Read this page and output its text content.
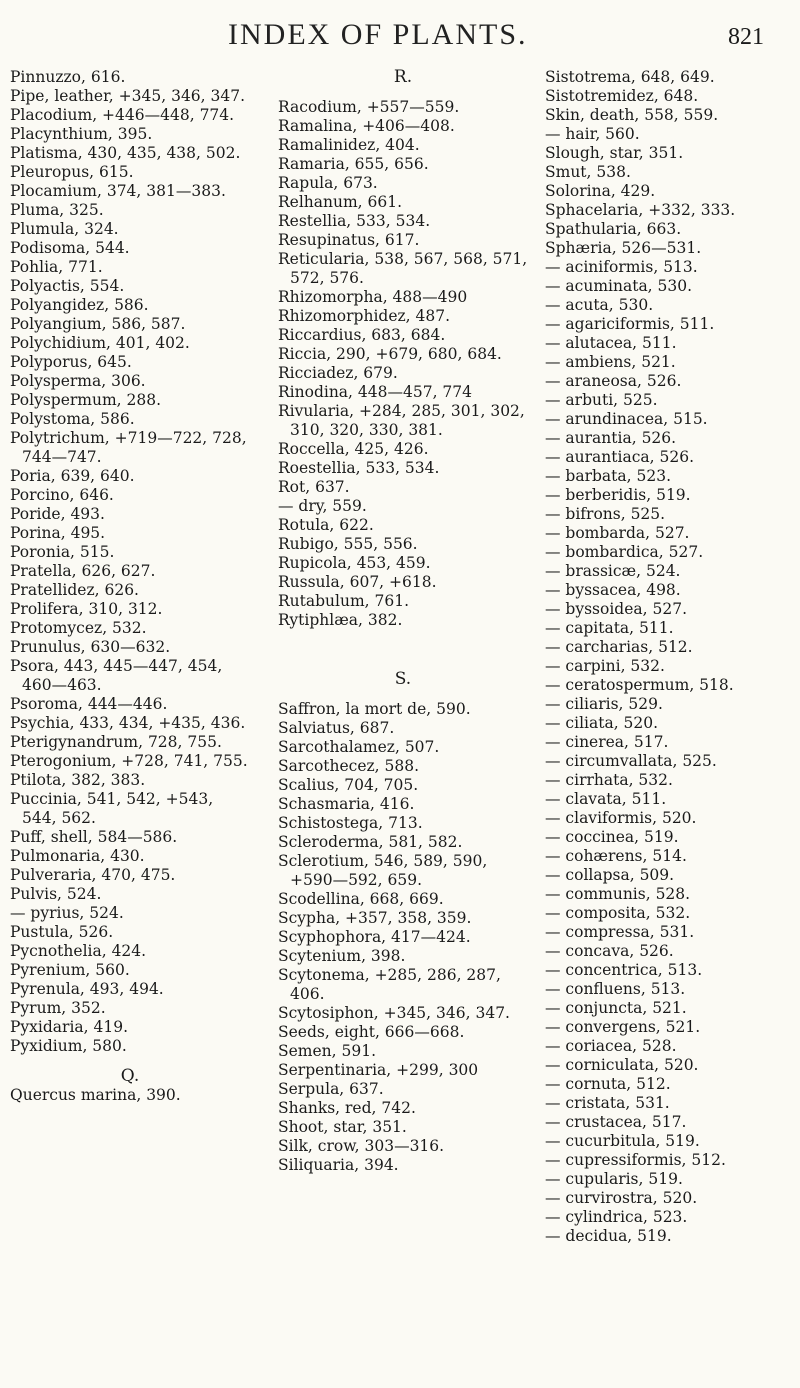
INDEX OF PLANTS.	821

Pinnuzzo, 616.

Pipe, leather, +345, 346, 347.

Placodium, +446—448, 774.

Placynthium, 395.

Platisma, 430, 435, 438, 502.

Pleuropus, 615.

Plocamium, 374, 381—383.

Pluma, 325.

Plumula, 324.

Podisoma, 544.

Pohlia, 771.

Polyactis, 554.

Polyangidez, 586.

Polyangium, 586, 587.

Polychidium, 401, 402.

Polyporus, 645.

Polysperma, 306.

Polyspermum, 288.

Polystoma, 586.

Polytrichum, +719—722, 728, 744—747.

Poria, 639, 640.

Porcino, 646.

Poride, 493.

Porina, 495.

Poronia, 515.

Pratella, 626, 627.

Pratellidez, 626.

Prolifera, 310, 312.

Protomycez, 532.

Prunulus, 630—632.

Psora, 443, 445—447, 454, 460—463.

Psoroma, 444—446.

Psychia, 433, 434, +435, 436.

Pterigynandrum, 728, 755.

Pterogonium, +728, 741, 755.

Ptilota, 382, 383.

Puccinia, 541, 542, +543, 544, 562.

Puff, shell, 584—586.

Pulmonaria, 430.

Pulveraria, 470, 475.

Pulvis, 524.

— pyrius, 524.

Pustula, 526.

Pycnothelia, 424.

Pyrenium, 560.

Pyrenula, 493, 494.

Pyrum, 352.

Pyxidaria, 419.

Pyxidium, 580.

Q.

Quercus marina, 390.

R.

Racodium, +557—559.

Ramalina, +406—408.

Ramalinidez, 404.

Ramaria, 655, 656.

Rapula, 673.

Relhanum, 661.

Restellia, 533, 534.

Resupinatus, 617.

Reticularia, 538, 567, 568, 571, 572, 576.

Rhizomorpha, 488—490

Rhizomorphidez, 487.

Riccardius, 683, 684.

Riccia, 290, +679, 680, 684.

Ricciadez, 679.

Rinodina, 448—457, 774

Rivularia, +284, 285, 301, 302, 310, 320, 330, 381.

Roccella, 425, 426.

Roestellia, 533, 534.

Rot, 637.

— dry, 559.

Rotula, 622.

Rubigo, 555, 556.

Rupicola, 453, 459.

Russula, 607, +618.

Rutabulum, 761.

Rytiphlæa, 382.

S.

Saffron, la mort de, 590.

Salviatus, 687.

Sarcothalamez, 507.

Sarcothecez, 588.

Scalius, 704, 705.

Schasmaria, 416.

Schistostega, 713.

Scleroderma, 581, 582.

Sclerotium, 546, 589, 590, +590—592, 659.

Scodellina, 668, 669.

Scypha, +357, 358, 359.

Scyphophora, 417—424.

Scytenium, 398.

Scytonema, +285, 286, 287, 406.

Scytosiphon, +345, 346, 347.

Seeds, eight, 666—668.

Semen, 591.

Serpentinaria, +299, 300

Serpula, 637.

Shanks, red, 742.

Shoot, star, 351.

Silk, crow, 303—316.

Siliquaria, 394.

Sistotrema, 648, 649.

Sistotremidez, 648.

Skin, death, 558, 559.

— hair, 560.

Slough, star, 351.

Smut, 538.

Solorina, 429.

Sphacelaria, +332, 333.

Spathularia, 663.

Sphæria, 526—531.

— aciniformis, 513.

— acuminata, 530.

— acuta, 530.

— agariciformis, 511.

— alutacea, 511.

— ambiens, 521.

— araneosa, 526.

— arbuti, 525.

— arundinacea, 515.

— aurantia, 526.

— aurantiaca, 526.

— barbata, 523.

— berberidis, 519.

— bifrons, 525.

— bombarda, 527.

— bombardica, 527.

— brassicæ, 524.

— byssacea, 498.

— byssoidea, 527.

— capitata, 511.

— carcharias, 512.

— carpini, 532.

— ceratospermum, 518.

— ciliaris, 529.

— ciliata, 520.

— cinerea, 517.

— circumvallata, 525.

— cirrhata, 532.

— clavata, 511.

— claviformis, 520.

— coccinea, 519.

— cohærens, 514.

— collapsa, 509.

— communis, 528.

— composita, 532.

— compressa, 531.

— concava, 526.

— concentrica, 513.

— confluens, 513.

— conjuncta, 521.

— convergens, 521.

— coriacea, 528.

— corniculata, 520.

— cornuta, 512.

— cristata, 531.

— crustacea, 517.

— cucurbitula, 519.

— cupressiformis, 512.

— cupularis, 519.

— curvirostra, 520.

— cylindrica, 523.

— decidua, 519.
